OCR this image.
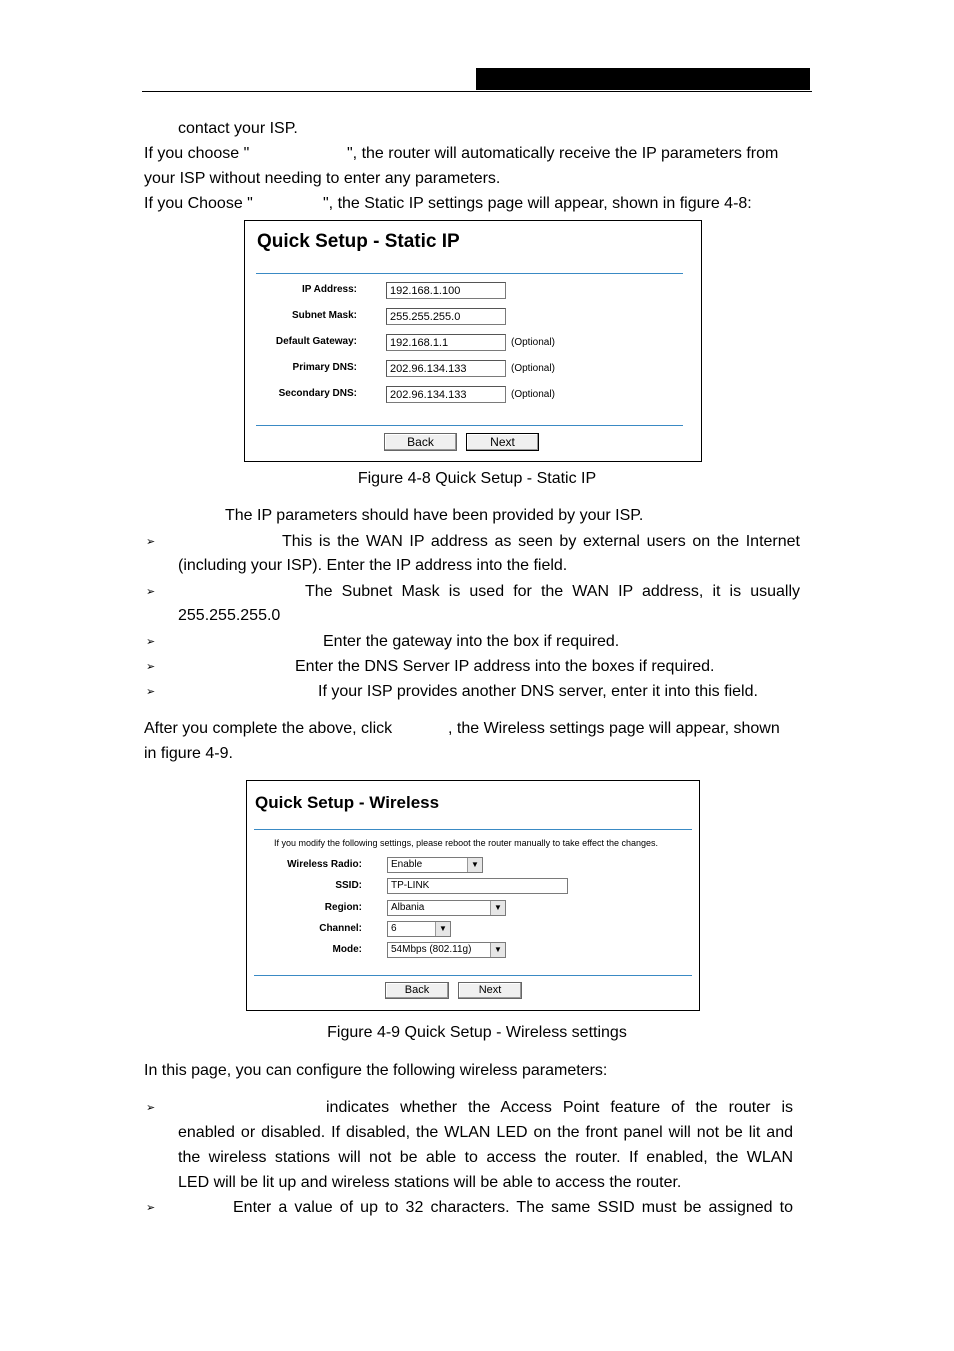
contact your ISP.
If you choose "	", the router will automatically receive the IP parameters from
your ISP without needing to enter any parameters.
If you Choose "	", the Static IP settings page will appear, shown in figure 4-8:
Quick Setup - Static IP
IP Address:	192.168.1.100
Subnet Mask:	255.255.255.0
Default Gateway:	192.168.1.1	(Optional)
Primary DNS:	202.96.134.133	(Optional)
Secondary DNS:	202.96.134.133	(Optional)
Back	Next
Figure 4-8 Quick Setup - Static IP
The IP parameters should have been provided by your ISP.
➢	This is the WAN IP address as seen by external users on the Internet
(including your ISP). Enter the IP address into the field.
➢	The Subnet Mask is used for the WAN IP address, it is usually
255.255.255.0
➢	Enter the gateway into the box if required.
➢	Enter the DNS Server IP address into the boxes if required.
➢	If your ISP provides another DNS server, enter it into this field.
After you complete the above, click	, the Wireless settings page will appear, shown
in figure 4-9.
Quick Setup - Wireless
If you modify the following settings, please reboot the router manually to take effect the changes.
Wireless Radio:	Enable	▼
SSID:	TP-LINK
Region:	Albania	▼
Channel:	6	▼
Mode:	54Mbps (802.11g)	▼
Back	Next
Figure 4-9 Quick Setup - Wireless settings
In this page, you can configure the following wireless parameters:
➢	indicates whether the Access Point feature of the router is
enabled or disabled. If disabled, the WLAN LED on the front panel will not be lit and
the wireless stations will not be able to access the router. If enabled, the WLAN
LED will be lit up and wireless stations will be able to access the router.
➢	Enter a value of up to 32 characters. The same SSID must be assigned to
